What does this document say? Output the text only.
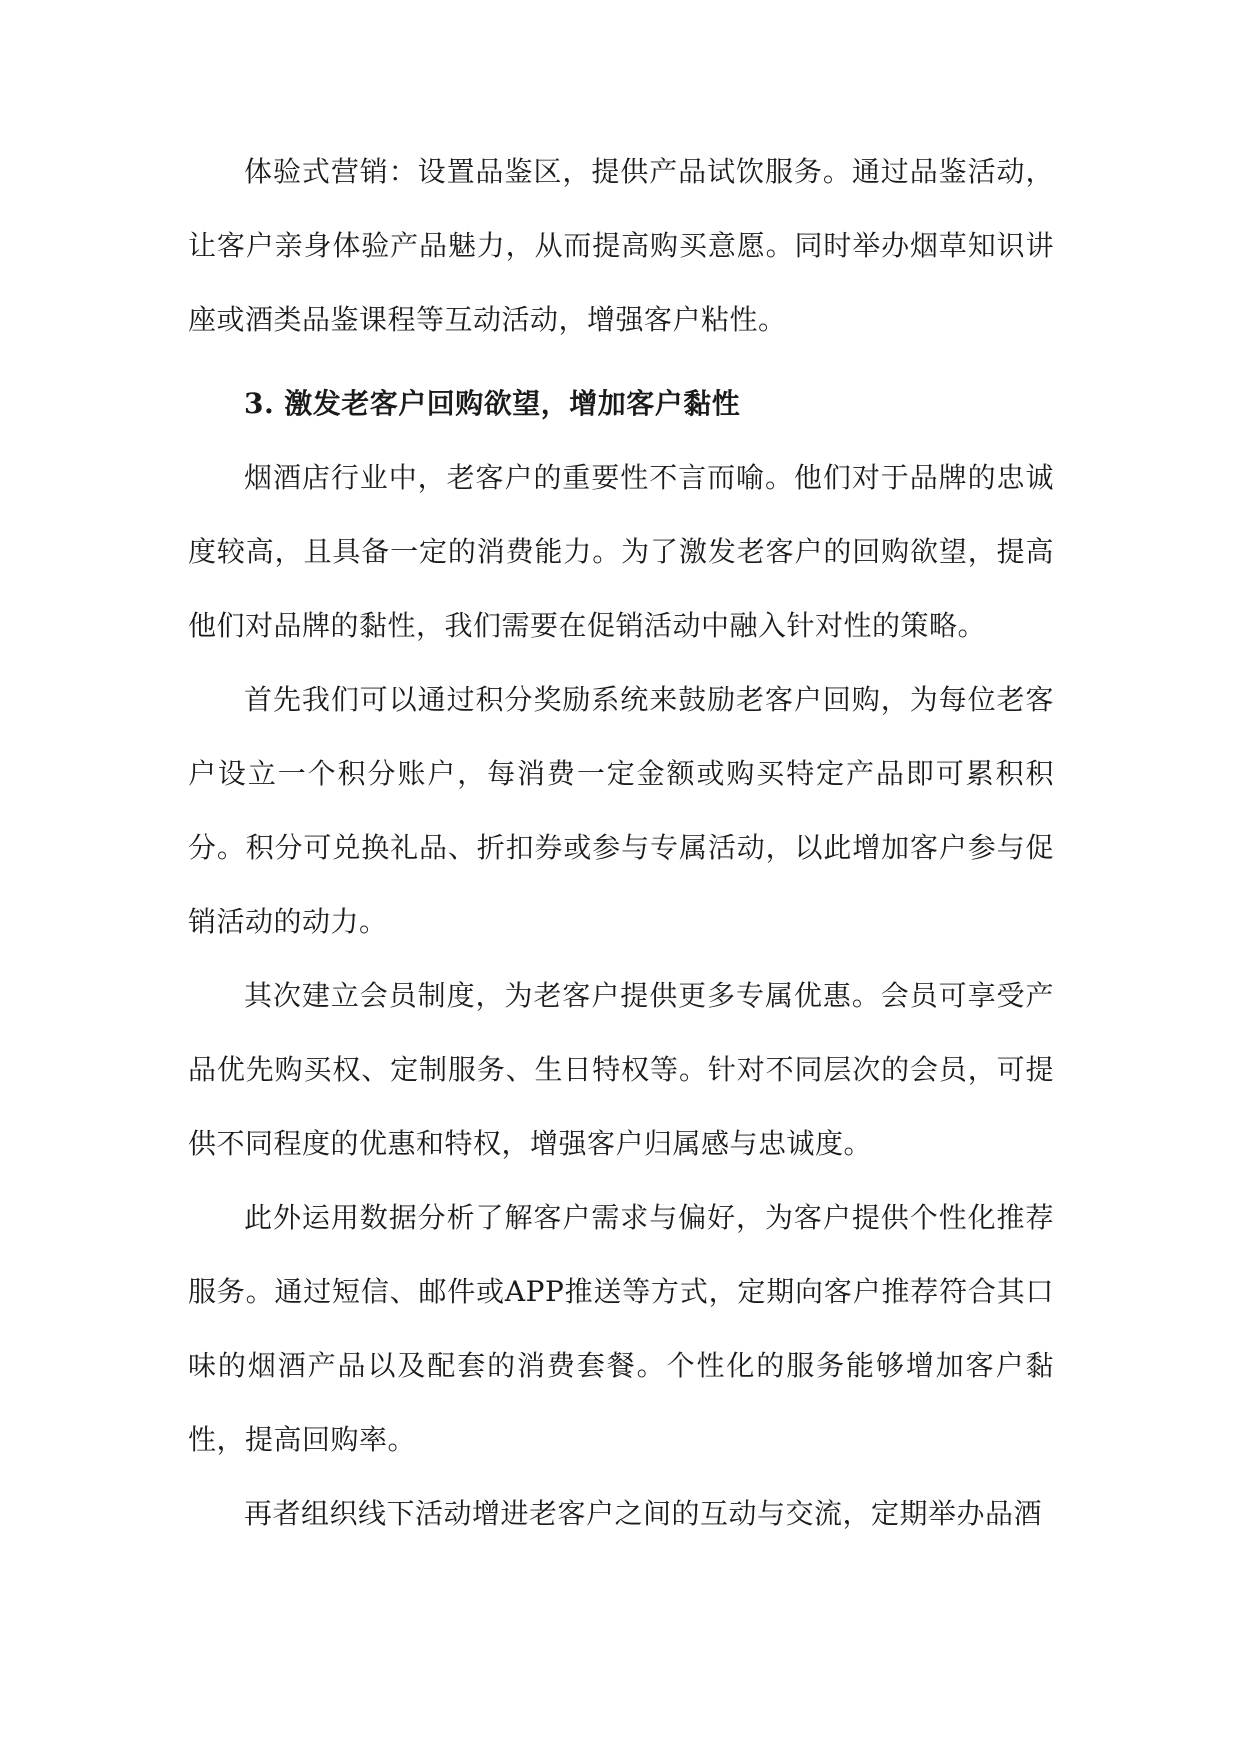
体验式营销：设置品鉴区，提供产品试饮服务。通过品鉴活动，让客户亲身体验产品魅力，从而提高购买意愿。同时举办烟草知识讲座或酒类品鉴课程等互动活动，增强客户粘性。

3. 激发老客户回购欲望，增加客户黏性

烟酒店行业中，老客户的重要性不言而喻。他们对于品牌的忠诚度较高，且具备一定的消费能力。为了激发老客户的回购欲望，提高他们对品牌的黏性，我们需要在促销活动中融入针对性的策略。

首先我们可以通过积分奖励系统来鼓励老客户回购，为每位老客户设立一个积分账户，每消费一定金额或购买特定产品即可累积积分。积分可兑换礼品、折扣券或参与专属活动，以此增加客户参与促销活动的动力。

其次建立会员制度，为老客户提供更多专属优惠。会员可享受产品优先购买权、定制服务、生日特权等。针对不同层次的会员，可提供不同程度的优惠和特权，增强客户归属感与忠诚度。

此外运用数据分析了解客户需求与偏好，为客户提供个性化推荐服务。通过短信、邮件或APP推送等方式，定期向客户推荐符合其口味的烟酒产品以及配套的消费套餐。个性化的服务能够增加客户黏性，提高回购率。

再者组织线下活动增进老客户之间的互动与交流，定期举办品酒
